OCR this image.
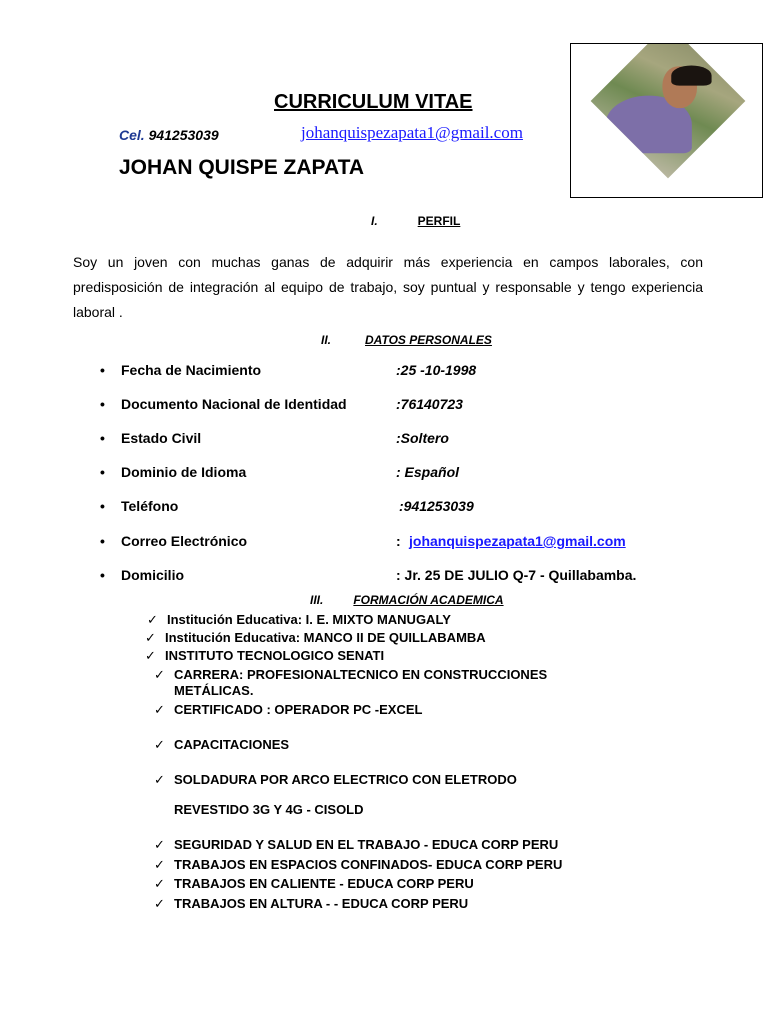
CURRICULUM VITAE
Cel. 941253039	johanquispezapata1@gmail.com
JOHAN QUISPE ZAPATA
I.	PERFIL

Soy un joven con muchas ganas de adquirir más experiencia en campos laborales, con predisposición de integración al equipo de trabajo, soy puntual y responsable y tengo experiencia laboral .

II.	DATOS PERSONALES
• Fecha de Nacimiento	:25 -10-1998
• Documento Nacional de Identidad	:76140723
• Estado Civil	:Soltero
• Dominio de Idioma	: Español
• Teléfono	:941253039
• Correo Electrónico	: johanquispezapata1@gmail.com
• Domicilio	: Jr. 25 DE JULIO Q-7 - Quillabamba.
III.	FORMACIÓN ACADEMICA
✓ Institución Educativa: I. E. MIXTO MANUGALY
✓ Institución Educativa: MANCO II DE QUILLABAMBA
✓ INSTITUTO TECNOLOGICO SENATI
✓ CARRERA: PROFESIONALTECNICO EN CONSTRUCCIONES
METÁLICAS.
✓ CERTIFICADO : OPERADOR PC -EXCEL
✓ CAPACITACIONES
✓ SOLDADURA POR ARCO ELECTRICO CON ELETRODO
REVESTIDO 3G Y 4G - CISOLD
✓ SEGURIDAD Y SALUD EN EL TRABAJO - EDUCA CORP PERU
✓ TRABAJOS EN ESPACIOS CONFINADOS- EDUCA CORP PERU
✓ TRABAJOS EN CALIENTE - EDUCA CORP PERU
✓ TRABAJOS EN ALTURA - - EDUCA CORP PERU
